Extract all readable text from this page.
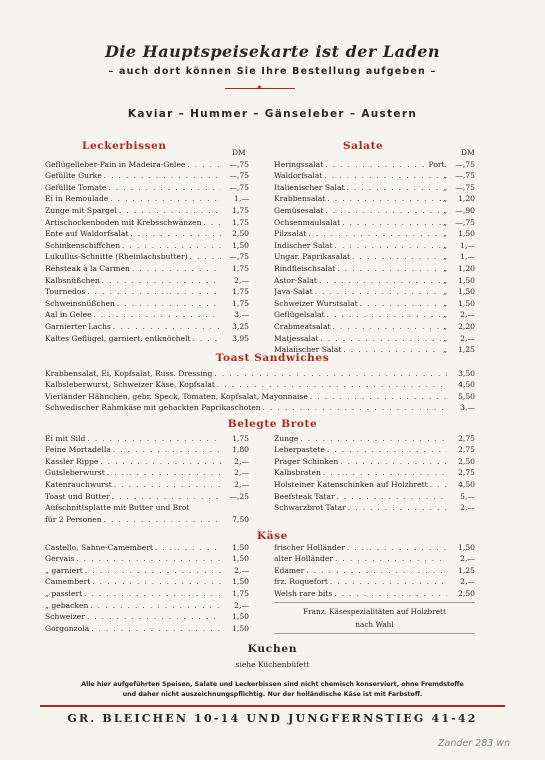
Die Hauptspeisekarte ist der Laden
– auch dort können Sie Ihre Bestellung aufgeben –
✦
Kaviar – Hummer – Gänseleber – Austern
Leckerbissen
DM
Geflügelleber-Pain in Madeira-Gelee . . .	—,75
Gefüllte Gurke . . .	—,75
Gefüllte Tomate . . .	—,75
Ei in Remoulade . . .	1,—
Zunge mit Spargel . . .	1,75
Artischockenboden mit Krebsschwänzen . . .	1,75
Ente auf Waldorfsalat . . .	2,50
Schinkenschiffchen . . .	1,50
Lukullus-Schnitte (Rheinlachsbutter) . . .	—,75
Rehsteak à la Carmen . . .	1,75
Kalbsnüßchen . . .	2,—
Tournedos . . .	1,75
Schweinsnüßchen . . .	1,75
Aal in Gelee . . .	3,—
Garnierter Lachs . . .	3,25
Kaltes Geflügel, garniert, entknöchelt . . .	3,95
Salate
DM
Heringssalat . . .	Port.	—,75
Waldorfsalat . . .	„	—,75
Italienischer Salat . . .	„	—,75
Krabbensalat . . .	„	1,20
Gemüsesalat . . .	„	—,90
Ochsenmaulsalat . . .	„	—,75
Pilzsalat . . .	„	1,50
Indischer Salat . . .	„	1,—
Ungar. Paprikasalat . . .	„	1,—
Rindfleischsalat . . .	„	1,20
Astor-Salat . . .	„	1,50
Java-Salat . . .	„	1,50
Schweizer Wurstsalat . . .	„	1,50
Geflügelsalat . . .	„	2,—
Crabmeatsalat . . .	„	2,20
Matjessalat . . .	„	2,—
Malaiischer Salat . . .	„	1,25
Toast Sandwiches
Krabbensalat, Ei, Kopfsalat, Russ. Dressing . . .	3,50
Kalbsleberwurst, Schweizer Käse, Kopfsalat . . .	4,50
Vierländer Hähnchen, gebr. Speck, Tomaten, Kopfsalat, Mayonnaise . . .	5,50
Schwedischer Rahmkäse mit gehackten Paprikaschoten . . .	3,—
Belegte Brote
Ei mit Sild . . .	1,75
Feine Mortadella . . .	1,80
Kassler Rippe . . .	2,—
Gutsleberwurst . . .	2,—
Katenrauchwurst . . .	2,—
Toast und Butter . . .	—,25
Aufschnittsplatte mit Butter und Brot
für 2 Personen . . .	7,50
Zunge . . .	2,75
Leberpastete . . .	2,75
Prager Schinken . . .	2,50
Kalbsbraten . . .	2,75
Holsteiner Katenschinken auf Holzbrett . . .	4,50
Beefsteak Tatar . . .	5,—
Schwarzbrot Tatar . . .	2,—
Käse
Castello, Sahne-Camembert . . .	1,50
Gervais . . .	1,50
„ garniert . . .	2,—
Camembert . . .	1,50
„ passiert . . .	1,75
„ gebacken . . .	2,—
Schweizer . . .	1,50
Gorgonzola . . .	1,50
frischer Holländer . . .	1,50
alter Holländer . . .	2,—
Edamer . . .	1,25
frz. Roquefort . . .	2,—
Welsh rare bits . . .	2,50
Franz. Käsespezialitäten auf Holzbrett
nach Wahl
Kuchen
siehe Küchenbüfett
Alle hier aufgeführten Speisen, Salate und Leckerbissen sind nicht chemisch konserviert, ohne Fremdstoffe
und daher nicht auszeichnungspflichtig. Nur der holländische Käse ist mit Farbstoff.
GR. BLEICHEN 10-14 UND JUNGFERNSTIEG 41-42
Zander 283 wn
